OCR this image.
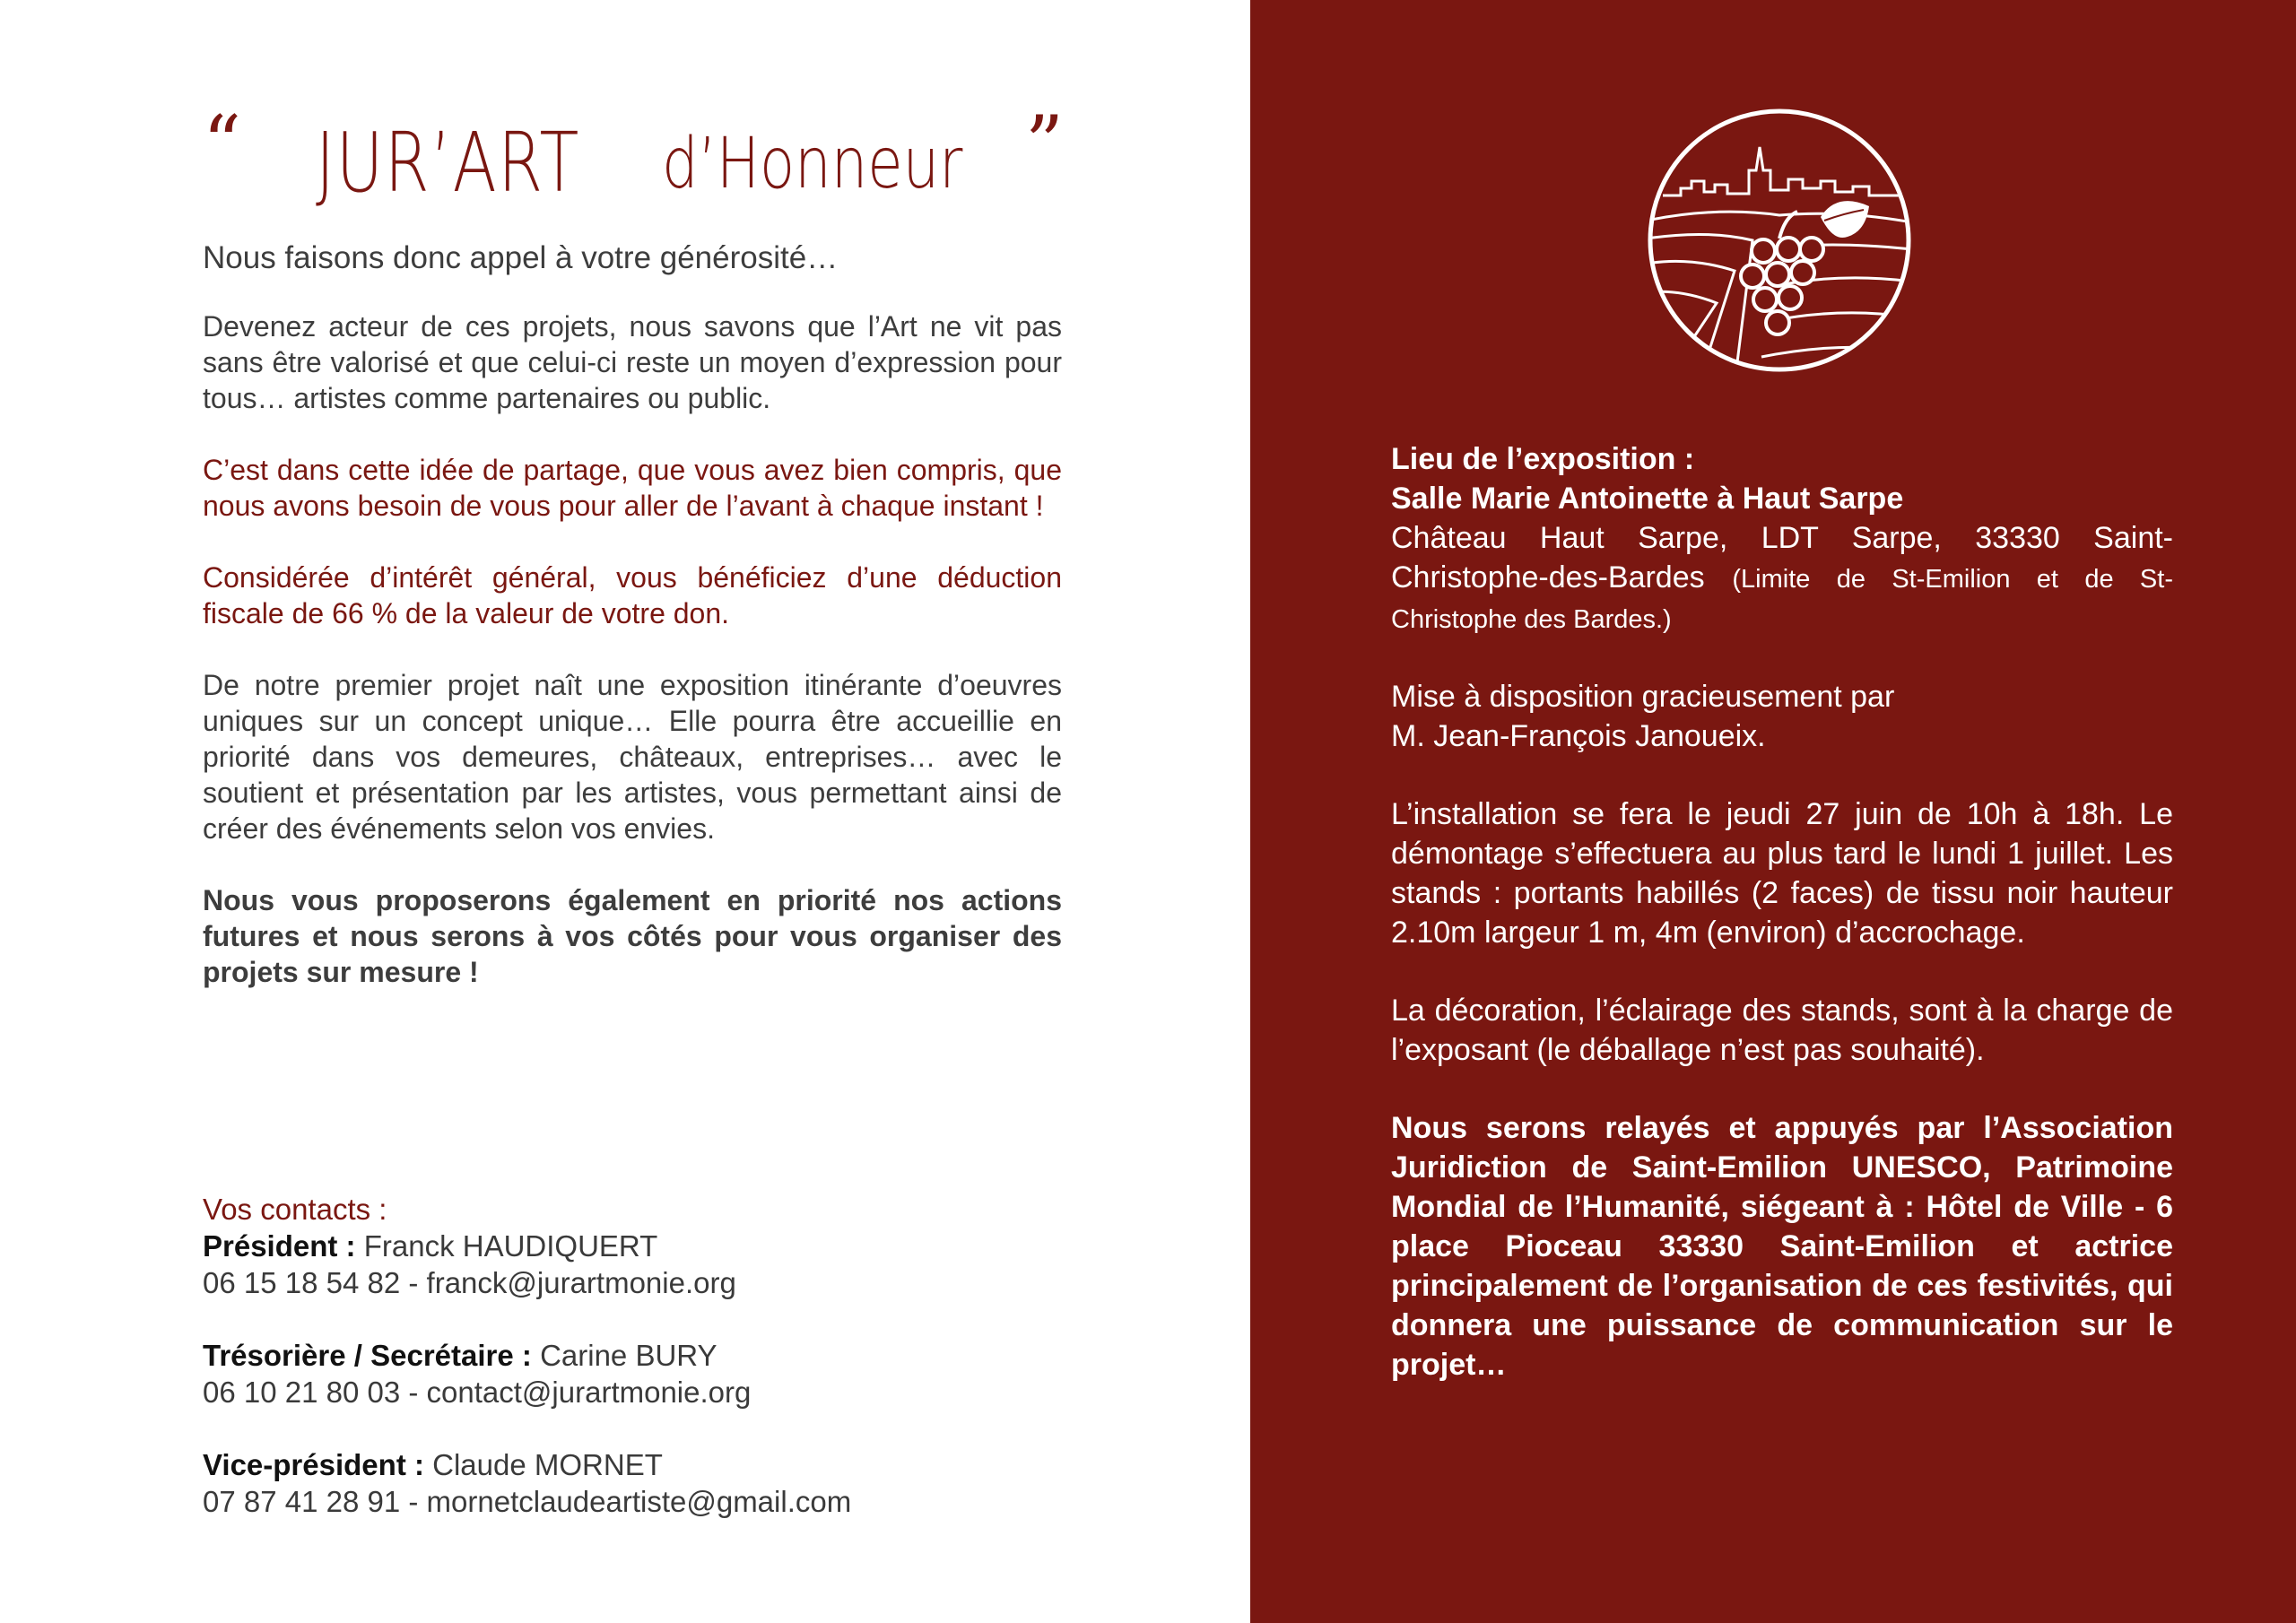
“ JUR’ART d’Honneur ”

Nous faisons donc appel à votre générosité…

Devenez acteur de ces projets, nous savons que l’Art ne vit pas sans être valorisé et que celui-ci reste un moyen d’expression pour tous… artistes comme partenaires ou public.

C’est dans cette idée de partage, que vous avez bien compris, que nous avons besoin de vous pour aller de l’avant à chaque instant !

Considérée d’intérêt général, vous bénéficiez d’une déduction fiscale de 66 % de la valeur de votre don.

De notre premier projet naît une exposition itinérante d’oeuvres uniques sur un concept unique… Elle pourra être accueillie en priorité dans vos demeures, châteaux, entreprises… avec le soutient et présentation par les artistes, vous permettant ainsi de créer des événements selon vos envies.

Nous vous proposerons également en priorité nos actions futures et nous serons à vos côtés pour vous organiser des projets sur mesure !

Vos contacts :
Président : Franck HAUDIQUERT
06 15 18 54 82 - franck@jurartmonie.org
Trésorière / Secrétaire : Carine BURY
06 10 21 80 03 - contact@jurartmonie.org
Vice-président : Claude MORNET
07 87 41 28 91 - mornetclaudeartiste@gmail.com

Lieu de l’exposition :

Salle Marie Antoinette à Haut Sarpe

Château Haut Sarpe, LDT Sarpe, 33330 Saint-Christophe-des-Bardes (Limite de St-Emilion et de St-Christophe des Bardes.)

Mise à disposition gracieusement par
M. Jean-François Janoueix.

L’installation se fera le jeudi 27 juin de 10h à 18h. Le démontage s’effectuera au plus tard le lundi 1 juillet. Les stands : portants habillés (2 faces) de tissu noir hauteur 2.10m largeur 1 m, 4m (environ) d’accrochage.

La décoration, l’éclairage des stands, sont à la charge de l’exposant (le déballage n’est pas souhaité).

Nous serons relayés et appuyés par l’Association Juridiction de Saint-Emilion UNESCO, Patrimoine Mondial de l’Humanité, siégeant à : Hôtel de Ville - 6 place Pioceau 33330 Saint-Emilion et actrice principalement de l’organisation de ces festivités, qui donnera une puissance de communication sur le projet…
